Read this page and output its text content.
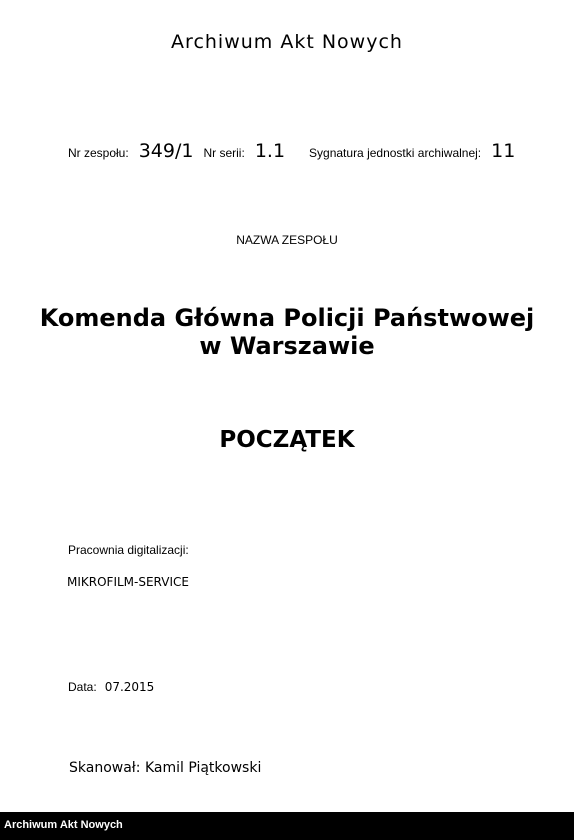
Archiwum Akt Nowych
Nr zespołu: 349/1 Nr serii: 1.1 Sygnatura jednostki archiwalnej: 11
NAZWA ZESPOŁU
Komenda Główna Policji Państwowej
w Warszawie
POCZĄTEK
Pracownia digitalizacji:
MIKROFILM-SERVICE
Data: 07.2015
Skanował: Kamil Piątkowski
Archiwum Akt Nowych
